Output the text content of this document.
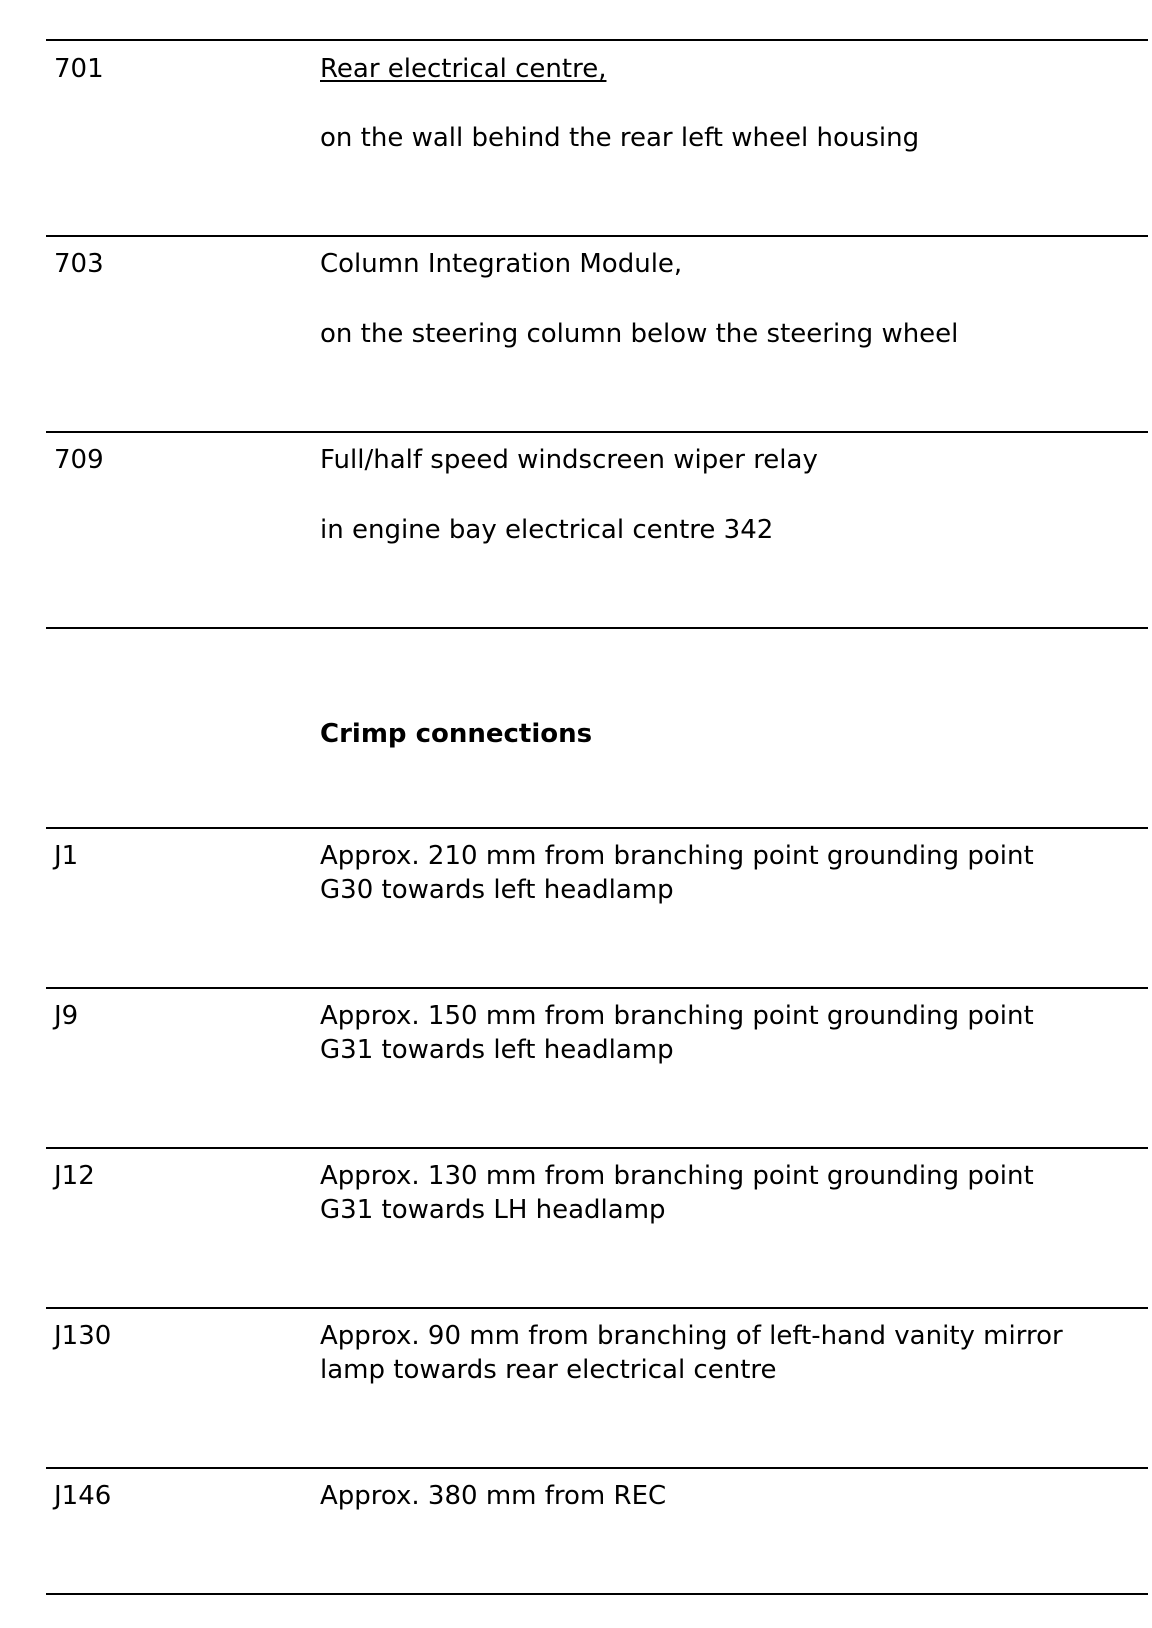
701	Rear electrical centre,
on the wall behind the rear left wheel housing
703	Column Integration Module,
on the steering column below the steering wheel
709	Full/half speed windscreen wiper relay
in engine bay electrical centre 342
Crimp connections
J1	Approx. 210 mm from branching point grounding point
G30 towards left headlamp
J9	Approx. 150 mm from branching point grounding point
G31 towards left headlamp
J12	Approx. 130 mm from branching point grounding point
G31 towards LH headlamp
J130	Approx. 90 mm from branching of left-hand vanity mirror
lamp towards rear electrical centre
J146	Approx. 380 mm from REC
